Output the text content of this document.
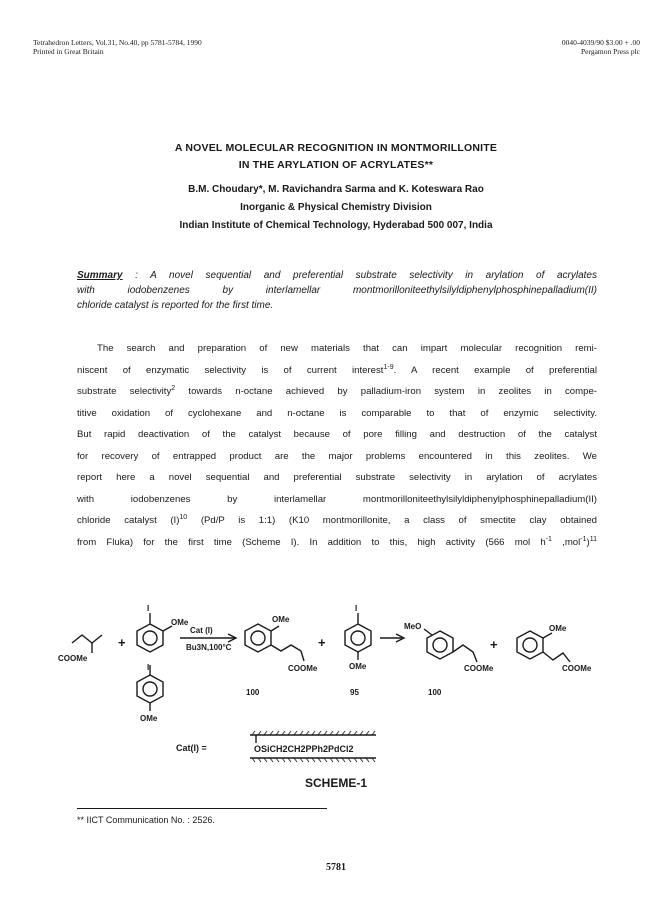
Tetrahedron Letters, Vol.31, No.40, pp 5781-5784, 1990
Printed in Great Britain
0040-4039/90 $3.00 + .00
Pergamon Press plc
A NOVEL MOLECULAR RECOGNITION IN MONTMORILLONITE
IN THE ARYLATION OF ACRYLATES**
B.M. Choudary*, M. Ravichandra Sarma and K. Koteswara Rao
Inorganic & Physical Chemistry Division
Indian Institute of Chemical Technology, Hyderabad 500 007, India
Summary : A novel sequential and preferential substrate selectivity in arylation of acrylates
with iodobenzenes by interlamellar montmorilloniteethylsilyldiphenylphosphinepalladium(II)
chloride catalyst is reported for the first time.
The search and preparation of new materials that can impart molecular recognition remi-
niscent of enzymatic selectivity is of current interest$^{1-9}$. A recent example of preferential
substrate selectivity$^2$ towards n-octane achieved by palladium-iron system in zeolites in compe-
titive oxidation of cyclohexane and n-octane is comparable to that of enzymic selectivity.
But rapid deactivation of the catalyst because of pore filling and destruction of the catalyst
for recovery of entrapped product are the major problems encountered in this zeolites. We
report here a novel sequential and preferential substrate selectivity in arylation of acrylates
with iodobenzenes by interlamellar montmorilloniteethylsilyldiphenylphosphinepalladium(II)
chloride catalyst $(I)^{10}$ (Pd/P is 1:1) (K10 montmorillonite, a class of smectite clay obtained
from Fluka) for the first time (Scheme I). In addition to this, high activity (566 mol $h^{-1}$ ,mol$^{-1}$)$^{11}$
COOMe
+
I
OMe
I
OMe
Cat (I)
Bu3N,100°C
OMe
COOMe
+
I
OMe
MeO
COOMe
+
OMe
COOMe
100	95	100
Cat(I) =	OSiCH2CH2PPh2PdCl2
SCHEME-1
** IICT Communication No. : 2526.
5781
